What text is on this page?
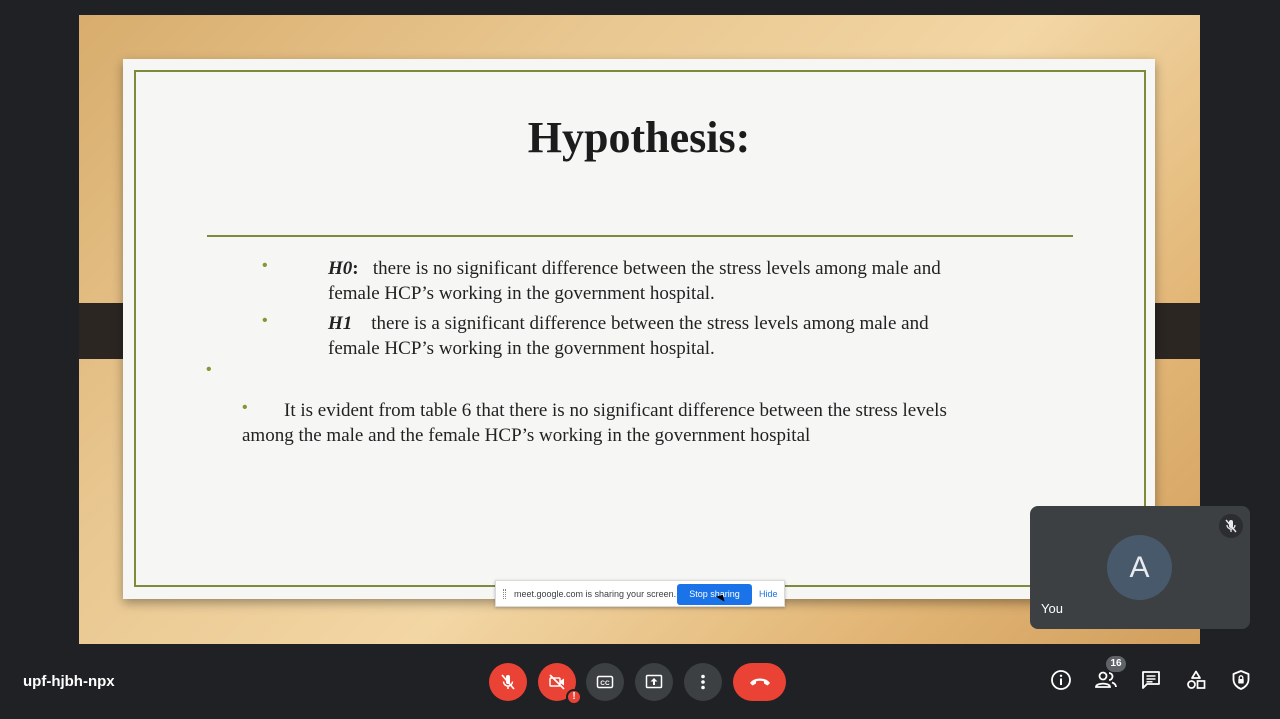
Hypothesis:
•	H0: there is no significant difference between the stress levels among male and
female HCP’s working in the government hospital.
•	H1 there is a significant difference between the stress levels among male and
female HCP’s working in the government hospital.
•
•	It is evident from table 6 that there is no significant difference between the stress levels
among the male and the female HCP’s working in the government hospital
meet.google.com is sharing your screen.	Stop sharing	Hide
A
You
upf-hjbh-npx
!
CC
16
